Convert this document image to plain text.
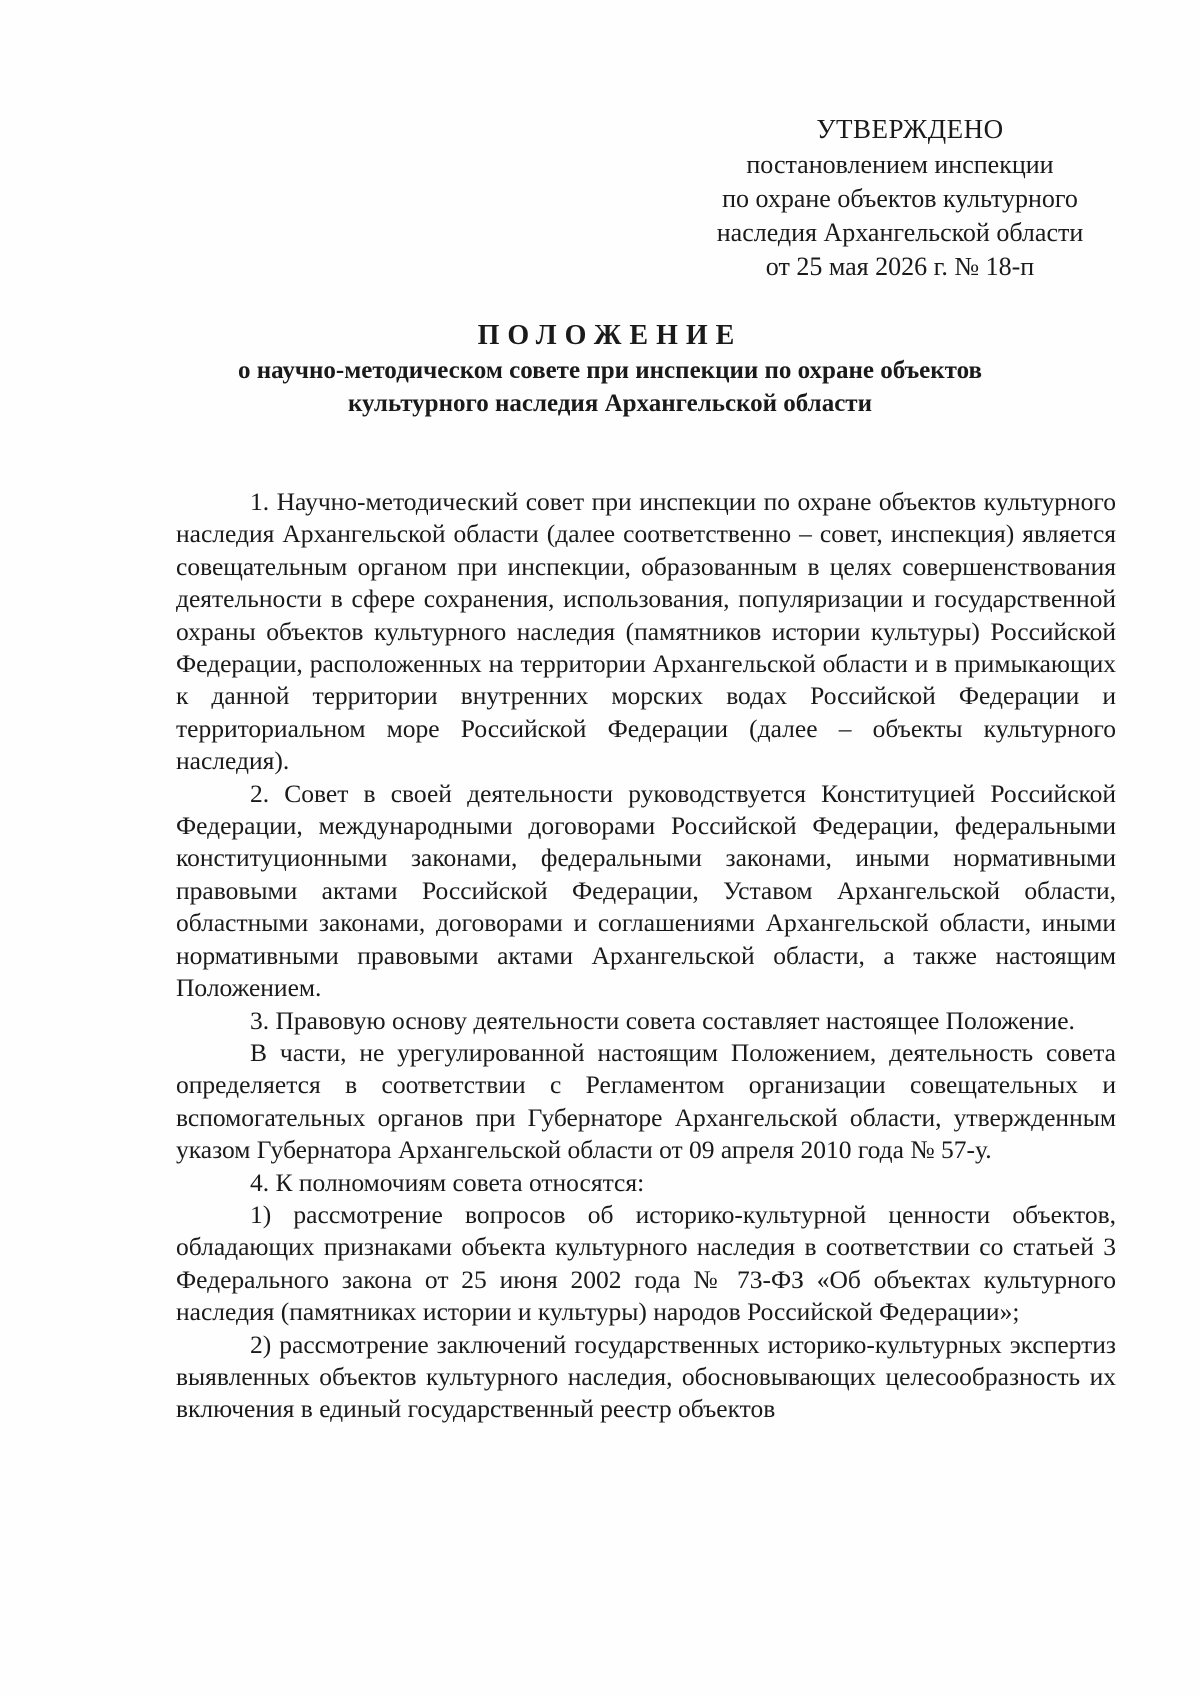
УТВЕРЖДЕНО
постановлением инспекции
по охране объектов культурного
наследия Архангельской области
от 25 мая 2026 г. № 18-п
ПОЛОЖЕНИЕ
о научно-методическом совете при инспекции по охране объектов
культурного наследия Архангельской области

1. Научно-методический совет при инспекции по охране объектов культурного наследия Архангельской области (далее соответственно – совет, инспекция) является совещательным органом при инспекции, образованным в целях совершенствования деятельности в сфере сохранения, использования, популяризации и государственной охраны объектов культурного наследия (памятников истории культуры) Российской Федерации, расположенных на территории Архангельской области и в примыкающих к данной территории внутренних морских водах Российской Федерации и территориальном море Российской Федерации (далее – объекты культурного наследия).

2. Совет в своей деятельности руководствуется Конституцией Российской Федерации, международными договорами Российской Федерации, федеральными конституционными законами, федеральными законами, иными нормативными правовыми актами Российской Федерации, Уставом Архангельской области, областными законами, договорами и соглашениями Архангельской области, иными нормативными правовыми актами Архангельской области, а также настоящим Положением.

3. Правовую основу деятельности совета составляет настоящее Положение.

В части, не урегулированной настоящим Положением, деятельность совета определяется в соответствии с Регламентом организации совещательных и вспомогательных органов при Губернаторе Архангельской области, утвержденным указом Губернатора Архангельской области от 09 апреля 2010 года № 57-у.

4. К полномочиям совета относятся:

1) рассмотрение вопросов об историко-культурной ценности объектов, обладающих признаками объекта культурного наследия в соответствии со статьей 3 Федерального закона от 25 июня 2002 года № 73-ФЗ «Об объектах культурного наследия (памятниках истории и культуры) народов Российской Федерации»;

2) рассмотрение заключений государственных историко-культурных экспертиз выявленных объектов культурного наследия, обосновывающих целесообразность их включения в единый государственный реестр объектов
